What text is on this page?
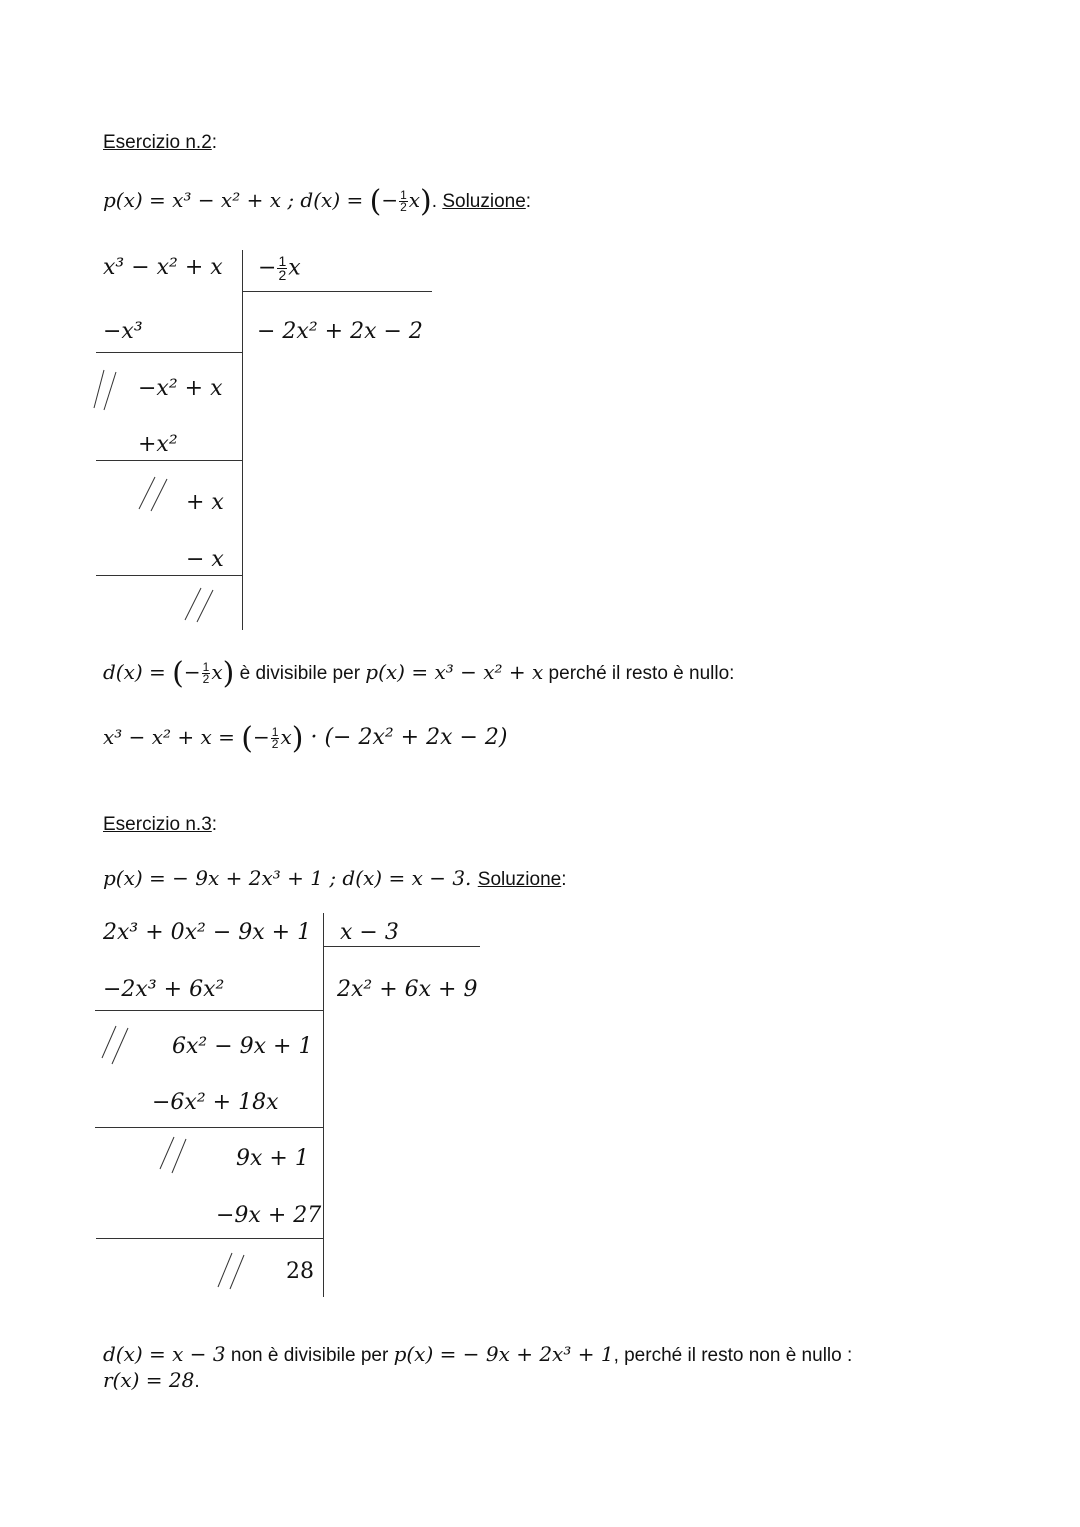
Esercizio n.2:
p(x) = x³ − x² + x ; d(x) = (− $\frac{1}{2} x$). Soluzione:
$x^3 - x^2 + x - \frac{1}{2}$ x
− 2x² + 2x − 2
−x³
−x² + x
+x²
+ x
− x
d(x) = (− $\frac{1}{2} x$) è divisibile per p(x) = x³ − x² + x perché il resto è nullo:
x³ − x² + x = (− $\frac{1}{2} x$) · (− 2x² + 2x − 2)
Esercizio n.3:
p(x) = − 9x + 2x³ + 1 ; d(x) = x − 3. Soluzione:
2x³ + 0x² − 9x + 1 x − 3
2x² + 6x + 9
−2x³ + 6x²
6x² − 9x + 1
−6x² + 18x
9x + 1
−9x + 27
28
d(x) = x − 3 non è divisibile per p(x) = − 9x + 2x³ + 1, perché il resto non è nullo :
r(x) = 28.
